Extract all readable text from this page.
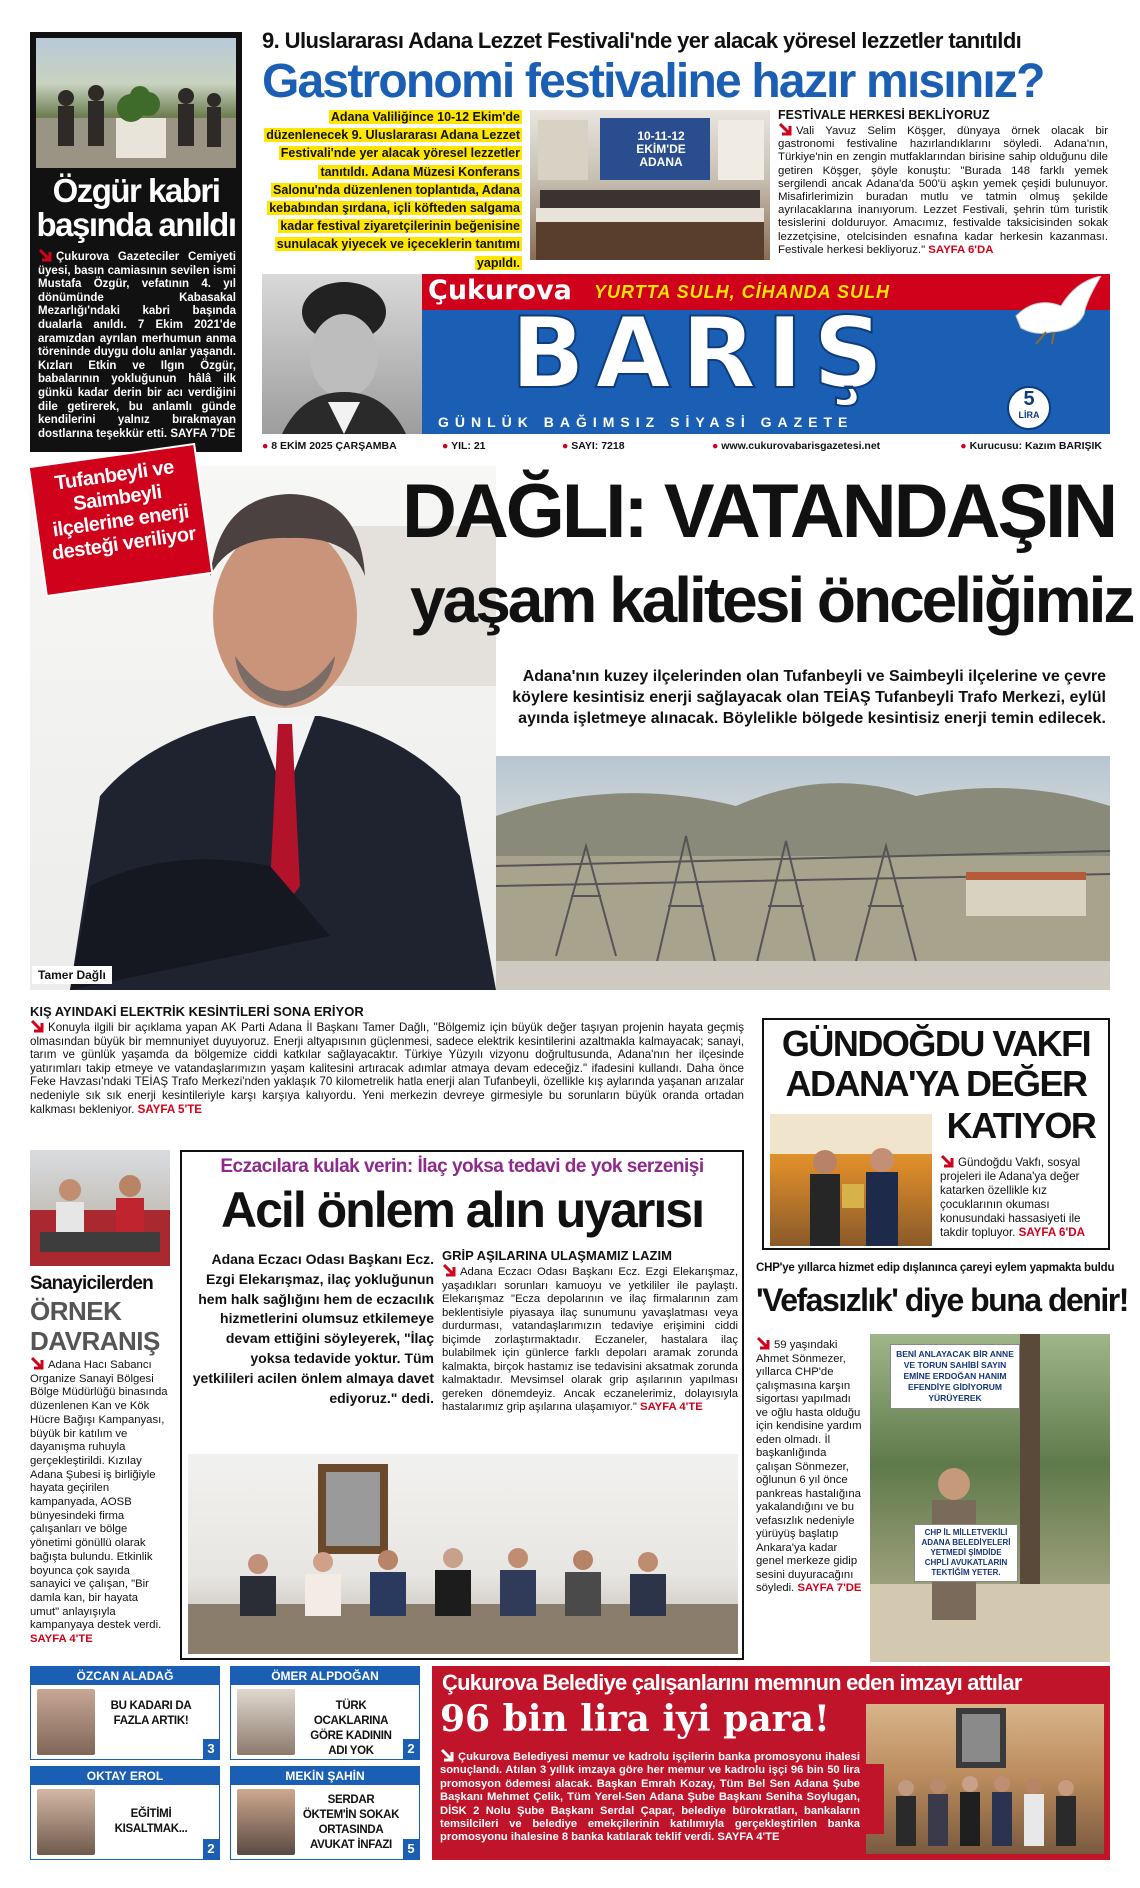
Özgür kabri
başında anıldı
Çukurova Gazeteciler Cemiyeti üyesi, basın camiasının sevilen ismi Mustafa Özgür, vefatının 4. yıl dönümünde Kabasakal Mezarlığı'ndaki kabri başında dualarla anıldı. 7 Ekim 2021'de aramızdan ayrılan merhumun anma töreninde duygu dolu anlar yaşandı. Kızları Etkin ve Ilgın Özgür, babalarının yokluğunun hâlâ ilk günkü kadar derin bir acı verdiğini dile getirerek, bu anlamlı günde kendilerini yalnız bırakmayan dostlarına teşekkür etti. SAYFA 7'DE
9. Uluslararası Adana Lezzet Festivali'nde yer alacak yöresel lezzetler tanıtıldı
Gastronomi festivaline hazır mısınız?
Adana Valiliğince 10-12 Ekim'de düzenlenecek 9. Uluslararası Adana Lezzet Festivali'nde yer alacak yöresel lezzetler tanıtıldı. Adana Müzesi Konferans Salonu'nda düzenlenen toplantıda, Adana kebabından şırdana, içli köfteden salgama kadar festival ziyaretçilerinin beğenisine sunulacak yiyecek ve içeceklerin tanıtımı yapıldı.
10-11-12 EKİM'DE ADANA
FESTİVALE HERKESİ BEKLİYORUZ

Vali Yavuz Selim Köşger, dünyaya örnek olacak bir gastronomi festivaline hazırlandıklarını söyledi. Adana'nın, Türkiye'nin en zengin mutfaklarından birisine sahip olduğunu dile getiren Köşger, şöyle konuştu: "Burada 148 farklı yemek sergilendi ancak Adana'da 500'ü aşkın yemek çeşidi bulunuyor. Misafirlerimizin buradan mutlu ve tatmin olmuş şekilde ayrılacaklarına inanıyorum. Lezzet Festivali, şehrin tüm turistik tesislerini dolduruyor. Amacımız, festivalde taksicisinden sokak lezzetçisine, otelcisinden esnafına kadar herkesin kazanması. Festivale herkesi bekliyoruz." SAYFA 6'DA

Çukurova YURTTA SULH, CİHANDA SULH
BARIŞ
GÜNLÜK BAĞIMSIZ SİYASİ GAZETE
5
LİRA
● 8 EKİM 2025 ÇARŞAMBA	● YIL: 21	● SAYI: 7218	● www.cukurovabarisgazetesi.net	● Kurucusu: Kazım BARIŞIK
Tufanbeyli ve Saimbeyli ilçelerine enerji desteği veriliyor	DAĞLI: VATANDAŞIN
yaşam kalitesi önceliğimiz
Adana'nın kuzey ilçelerinden olan Tufanbeyli ve Saimbeyli ilçelerine ve çevre köylere kesintisiz enerji sağlayacak olan TEİAŞ Tufanbeyli Trafo Merkezi, eylül ayında işletmeye alınacak. Böylelikle bölgede kesintisiz enerji temin edilecek.
Tamer Dağlı
KIŞ AYINDAKİ ELEKTRİK KESİNTİLERİ SONA ERİYOR

Konuyla ilgili bir açıklama yapan AK Parti Adana İl Başkanı Tamer Dağlı, "Bölgemiz için büyük değer taşıyan projenin hayata geçmiş olmasından büyük bir memnuniyet duyuyoruz. Enerji altyapısının güçlenmesi, sadece elektrik kesintilerini azaltmakla kalmayacak; sanayi, tarım ve günlük yaşamda da bölgemize ciddi katkılar sağlayacaktır. Türkiye Yüzyılı vizyonu doğrultusunda, Adana'nın her ilçesinde yatırımları takip etmeye ve vatandaşlarımızın yaşam kalitesini artıracak adımlar atmaya devam edeceğiz." ifadesini kullandı. Daha önce Feke Havzası'ndaki TEİAŞ Trafo Merkezi'nden yaklaşık 70 kilometrelik hatla enerji alan Tufanbeyli, özellikle kış aylarında yaşanan arızalar nedeniyle sık sık enerji kesintileriyle karşı karşıya kalıyordu. Yeni merkezin devreye girmesiyle bu sorunların büyük oranda ortadan kalkması bekleniyor. SAYFA 5'TE

GÜNDOĞDU VAKFI
ADANA'YA DEĞER
KATIYOR

Gündoğdu Vakfı, sosyal projeleri ile Adana'ya değer katarken özellikle kız çocuklarının okuması konusundaki hassasiyeti ile takdir topluyor. SAYFA 6'DA

Sanayicilerden
ÖRNEK
DAVRANIŞ

Adana Hacı Sabancı Organize Sanayi Bölgesi Bölge Müdürlüğü binasında düzenlenen Kan ve Kök Hücre Bağışı Kampanyası, büyük bir katılım ve dayanışma ruhuyla gerçekleştirildi. Kızılay Adana Şubesi iş birliğiyle hayata geçirilen kampanyada, AOSB bünyesindeki firma çalışanları ve bölge yönetimi gönüllü olarak bağışta bulundu. Etkinlik boyunca çok sayıda sanayici ve çalışan, "Bir damla kan, bir hayata umut" anlayışıyla kampanyaya destek verdi. SAYFA 4'TE

Eczacılara kulak verin: İlaç yoksa tedavi de yok serzenişi
Acil önlem alın uyarısı
Adana Eczacı Odası Başkanı Ecz. Ezgi Elekarışmaz, ilaç yokluğunun hem halk sağlığını hem de eczacılık hizmetlerini olumsuz etkilemeye devam ettiğini söyleyerek, "İlaç yoksa tedavide yoktur. Tüm yetkilileri acilen önlem almaya davet ediyoruz." dedi.
GRİP AŞILARINA ULAŞMAMIZ LAZIM

Adana Eczacı Odası Başkanı Ecz. Ezgi Elekarışmaz, yaşadıkları sorunları kamuoyu ve yetkililer ile paylaştı. Elekarışmaz "Ecza depolarının ve ilaç firmalarının zam beklentisiyle piyasaya ilaç sunumunu yavaşlatması veya durdurması, vatandaşlarımızın tedaviye erişimini ciddi biçimde zorlaştırmaktadır. Eczaneler, hastalara ilaç bulabilmek için günlerce farklı depoları aramak zorunda kalmakta, birçok hastamız ise tedavisini aksatmak zorunda kalmaktadır. Mevsimsel olarak grip aşılarının yapılması gereken dönemdeyiz. Ancak eczanelerimiz, dolayısıyla hastalarımız grip aşılarına ulaşamıyor." SAYFA 4'TE

CHP'ye yıllarca hizmet edip dışlanınca çareyi eylem yapmakta buldu
'Vefasızlık' diye buna denir!

59 yaşındaki Ahmet Sönmezer, yıllarca CHP'de çalışmasına karşın sigortası yapılmadı ve oğlu hasta olduğu için kendisine yardım eden olmadı. İl başkanlığında çalışan Sönmezer, oğlunun 6 yıl önce pankreas hastalığına yakalandığını ve bu vefasızlık nedeniyle yürüyüş başlatıp Ankara'ya kadar genel merkeze gidip sesini duyuracağını söyledi. SAYFA 7'DE

BENİ ANLAYACAK BİR ANNE VE TORUN SAHİBİ SAYIN EMİNE ERDOĞAN HANIM EFENDİYE GİDİYORUM YÜRÜYEREK
CHP İL MİLLETVEKİLİ ADANA BELEDİYELERİ YETMEDİ ŞİMDİDE CHPLİ AVUKATLARIN TEKTİĞİM YETER.
ÖZCAN ALADAĞ
BU KADARI DA FAZLA ARTIK!
3
ÖMER ALPDOĞAN
TÜRK OCAKLARINA GÖRE KADININ ADI YOK	2
OKTAY EROL
EĞİTİMİ KISALTMAK...
2
MEKİN ŞAHİN
SERDAR ÖKTEM'İN SOKAK ORTASINDA AVUKAT İNFAZI	5
Çukurova Belediye çalışanlarını memnun eden imzayı attılar
96 bin lira iyi para!

Çukurova Belediyesi memur ve kadrolu işçilerin banka promosyonu ihalesi sonuçlandı. Atılan 3 yıllık imzaya göre her memur ve kadrolu işçi 96 bin 50 lira promosyon ödemesi alacak. Başkan Emrah Kozay, Tüm Bel Sen Adana Şube Başkanı Mehmet Çelik, Tüm Yerel-Sen Adana Şube Başkanı Seniha Soylugan, DİSK 2 Nolu Şube Başkanı Serdal Çapar, belediye bürokratları, bankaların temsilcileri ve belediye emekçilerinin katılımıyla gerçekleştirilen banka promosyonu ihalesine 8 banka katılarak teklif verdi. SAYFA 4'TE
